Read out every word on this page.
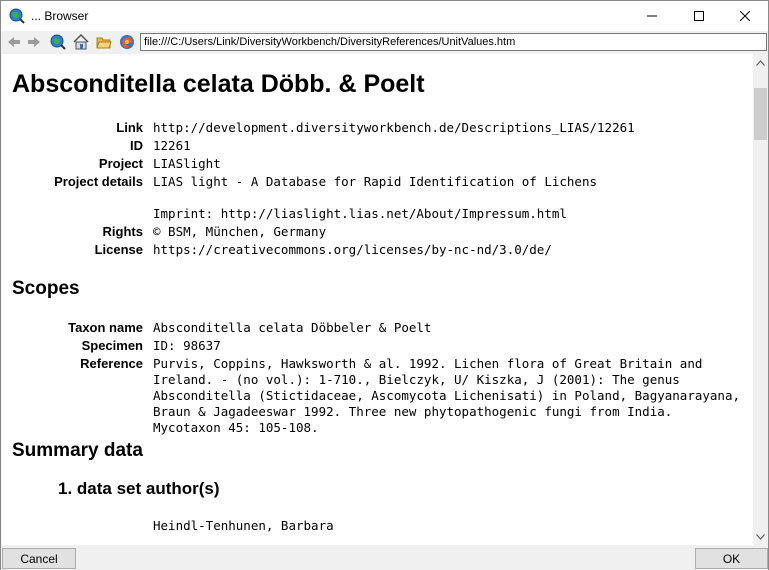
... Browser
file:///C:/Users/Link/DiversityWorkbench/DiversityReferences/UnitValues.htm
Absconditella celata Döbb. & Poelt
Link http://development.diversityworkbench.de/Descriptions_LIAS/12261
ID 12261
Project LIASlight
Project details LIAS light - A Database for Rapid Identification of Lichens
Imprint: http://liaslight.lias.net/About/Impressum.html
Rights © BSM, München, Germany
License https://creativecommons.org/licenses/by-nc-nd/3.0/de/
Scopes
Taxon name Absconditella celata Döbbeler & Poelt
Specimen ID: 98637
Reference Purvis, Coppins, Hawksworth & al. 1992. Lichen flora of Great Britain and Ireland. - (no vol.): 1-710., Bielczyk, U/ Kiszka, J (2001): The genus Absconditella (Stictidaceae, Ascomycota Lichenisati) in Poland, Bagyanarayana, Braun & Jagadeeswar 1992. Three new phytopathogenic fungi from India. Mycotaxon 45: 105-108.
Summary data
1. data set author(s)
Heindl-Tenhunen, Barbara
Cancel	OK
